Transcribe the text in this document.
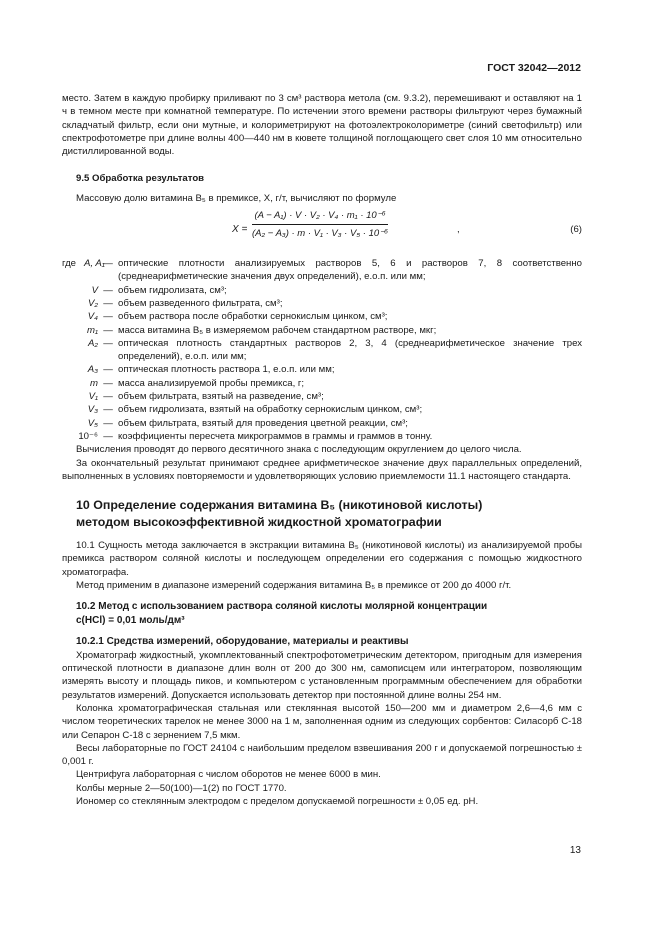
ГОСТ 32042—2012

место. Затем в каждую пробирку приливают по 3 см³ раствора метола (см. 9.3.2), перемешивают и оставляют на 1 ч в темном месте при комнатной температуре. По истечении этого времени растворы фильтруют через бумажный складчатый фильтр, если они мутные, и колориметрируют на фотоэлектроколориметре (синий светофильтр) или спектрофотометре при длине волны 400—440 нм в кювете толщиной поглощающего свет слоя 10 мм относительно дистиллированной воды.

9.5 Обработка результатов

Массовую долю витамина B₅ в премиксе, X, г/т, вычисляют по формуле

$X = \frac{\text{(A − A₁) · V · V₂ · V₄ · m₁ · 10⁻⁶}}{\text{(A₂ − A₃) · m · V₁ · V₃ · V₅ · 10⁻⁶}}$	,	(6)
где A, A₁
— оптические плотности анализируемых растворов 5, 6 и растворов 7, 8 соответственно (среднеарифметические значения двух определений), е.о.п. или мм;
V — объем гидролизата, см³;
V₂ — объем разведенного фильтрата, см³;
V₄ — объем раствора после обработки сернокислым цинком, см³;
m₁ — масса витамина B₅ в измеряемом рабочем стандартном растворе, мкг;
A₂ — оптическая плотность стандартных растворов 2, 3, 4 (среднеарифметическое значение трех определений), е.о.п. или мм;
A₃ — оптическая плотность раствора 1, е.о.п. или мм;
m — масса анализируемой пробы премикса, г;
V₁ — объем фильтрата, взятый на разведение, см³;
V₃ — объем гидролизата, взятый на обработку сернокислым цинком, см³;
V₅ — объем фильтрата, взятый для проведения цветной реакции, см³;
10⁻⁶ — коэффициенты пересчета микрограммов в граммы и граммов в тонну.

Вычисления проводят до первого десятичного знака с последующим округлением до целого числа.

За окончательный результат принимают среднее арифметическое значение двух параллельных определений, выполненных в условиях повторяемости и удовлетворяющих условию приемлемости 11.1 настоящего стандарта.

10 Определение содержания витамина B₅ (никотиновой кислоты)

методом высокоэффективной жидкостной хроматографии

10.1 Сущность метода заключается в экстракции витамина B₅ (никотиновой кислоты) из анализируемой пробы премикса раствором соляной кислоты и последующем определении его содержания с помощью жидкостного хроматографа.

Метод применим в диапазоне измерений содержания витамина B₅ в премиксе от 200 до 4000 г/т.

10.2 Метод с использованием раствора соляной кислоты молярной концентрации

c(HCl) = 0,01 моль/дм³

10.2.1 Средства измерений, оборудование, материалы и реактивы

Хроматограф жидкостный, укомплектованный спектрофотометрическим детектором, пригодным для измерения оптической плотности в диапазоне длин волн от 200 до 300 нм, самописцем или интегратором, позволяющим измерять высоту и площадь пиков, и компьютером с установленным программным обеспечением для обработки результатов измерений. Допускается использовать детектор при постоянной длине волны 254 нм.

Колонка хроматографическая стальная или стеклянная высотой 150—200 мм и диаметром 2,6—4,6 мм с числом теоретических тарелок не менее 3000 на 1 м, заполненная одним из следующих сорбентов: Силасорб С-18 или Сепарон С-18 с зернением 7,5 мкм.

Весы лабораторные по ГОСТ 24104 с наибольшим пределом взвешивания 200 г и допускаемой погрешностью ± 0,001 г.

Центрифуга лабораторная с числом оборотов не менее 6000 в мин.

Колбы мерные 2—50(100)—1(2) по ГОСТ 1770.

Иономер со стеклянным электродом с пределом допускаемой погрешности ± 0,05 ед. pH.

13
